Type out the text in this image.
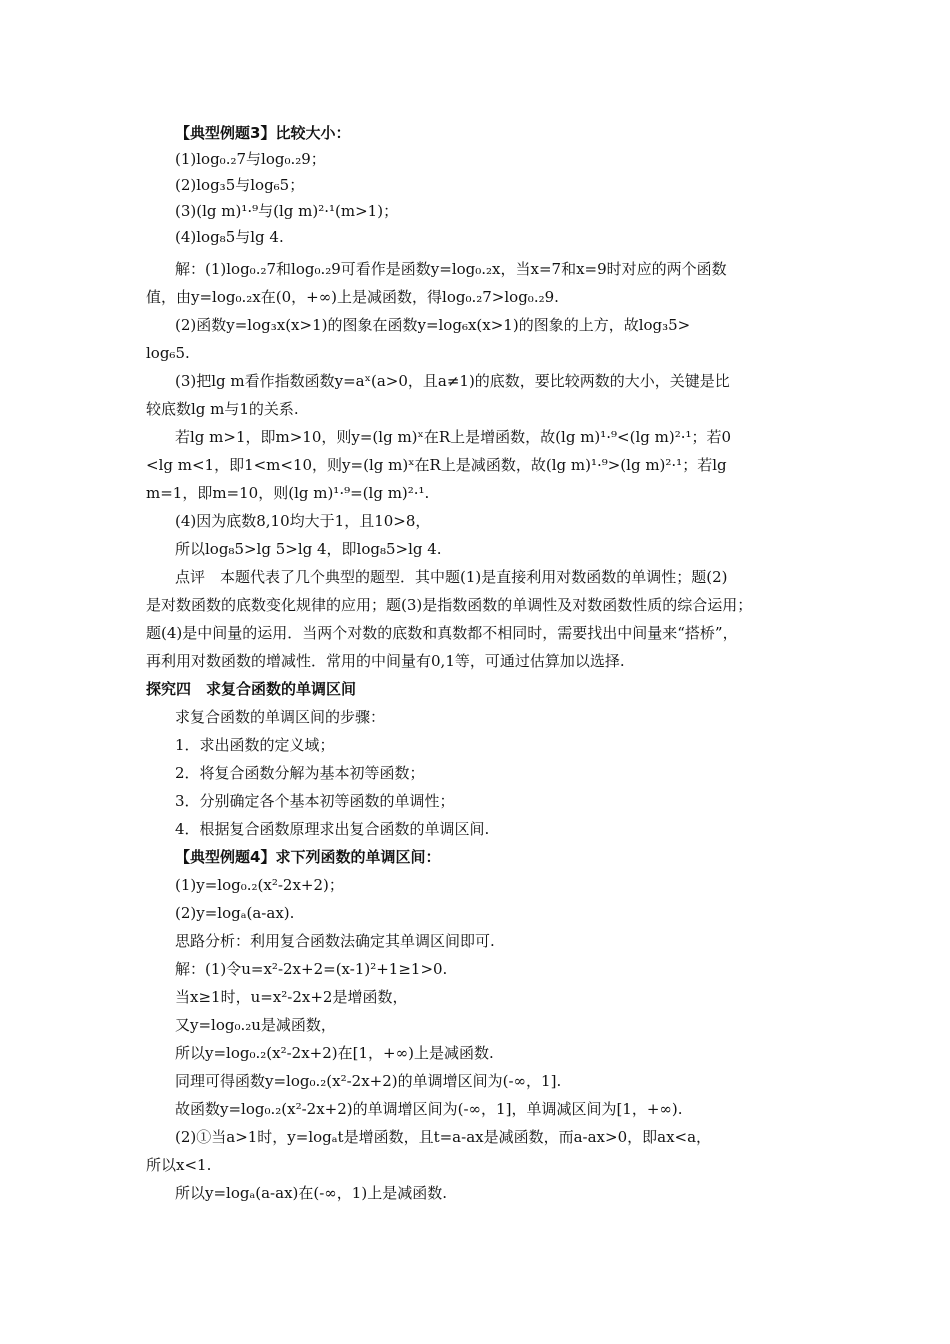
【典型例题3】比较大小：
(1)log₀.₂7与log₀.₂9；
(2)log₃5与log₆5；
(3)(lg m)¹·⁹与(lg m)²·¹(m>1)；
(4)log₈5与lg 4.
解：(1)log₀.₂7和log₀.₂9可看作是函数y=log₀.₂x，当x=7和x=9时对应的两个函数
值，由y=log₀.₂x在(0，+∞)上是减函数，得log₀.₂7>log₀.₂9.
(2)函数y=log₃x(x>1)的图象在函数y=log₆x(x>1)的图象的上方，故log₃5>
log₆5.
(3)把lg m看作指数函数y=aˣ(a>0，且a≠1)的底数，要比较两数的大小，关键是比
较底数lg m与1的关系.
若lg m>1，即m>10，则y=(lg m)ˣ在R上是增函数，故(lg m)¹·⁹<(lg m)²·¹；若0
<lg m<1，即1<m<10，则y=(lg m)ˣ在R上是减函数，故(lg m)¹·⁹>(lg m)²·¹；若lg
m=1，即m=10，则(lg m)¹·⁹=(lg m)²·¹.
(4)因为底数8,10均大于1，且10>8，
所以log₈5>lg 5>lg 4，即log₈5>lg 4.
点评　本题代表了几个典型的题型．其中题(1)是直接利用对数函数的单调性；题(2)
是对数函数的底数变化规律的应用；题(3)是指数函数的单调性及对数函数性质的综合运用；
题(4)是中间量的运用．当两个对数的底数和真数都不相同时，需要找出中间量来“搭桥”，
再利用对数函数的增减性．常用的中间量有0,1等，可通过估算加以选择.
探究四　求复合函数的单调区间
求复合函数的单调区间的步骤：
1．求出函数的定义域；
2．将复合函数分解为基本初等函数；
3．分别确定各个基本初等函数的单调性；
4．根据复合函数原理求出复合函数的单调区间.
【典型例题4】求下列函数的单调区间：
(1)y=log₀.₂(x²-2x+2)；
(2)y=logₐ(a-ax).
思路分析：利用复合函数法确定其单调区间即可.
解：(1)令u=x²-2x+2=(x-1)²+1≥1>0.
当x≥1时，u=x²-2x+2是增函数，
又y=log₀.₂u是减函数，
所以y=log₀.₂(x²-2x+2)在[1，+∞)上是减函数.
同理可得函数y=log₀.₂(x²-2x+2)的单调增区间为(-∞，1].
故函数y=log₀.₂(x²-2x+2)的单调增区间为(-∞，1]，单调减区间为[1，+∞).
(2)①当a>1时，y=logₐt是增函数，且t=a-ax是减函数，而a-ax>0，即ax<a，
所以x<1.
所以y=logₐ(a-ax)在(-∞，1)上是减函数.
